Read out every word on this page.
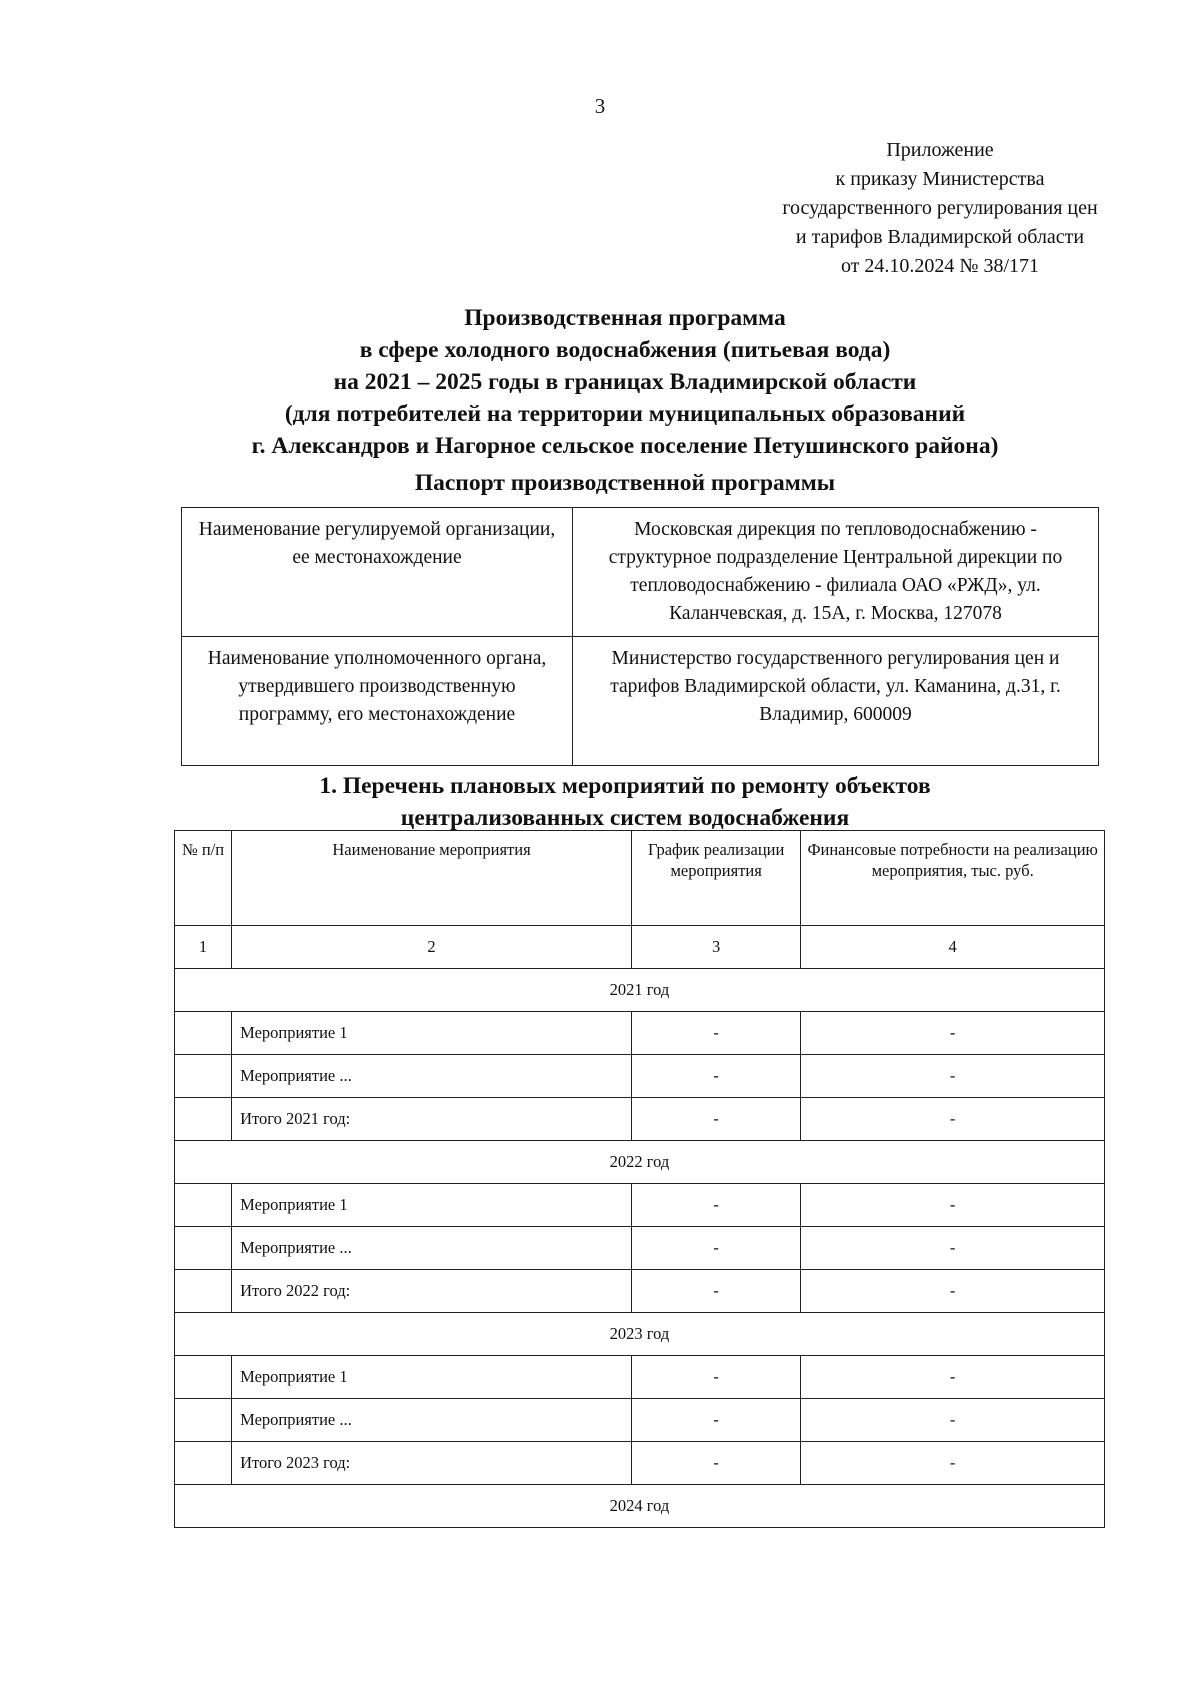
3
Приложение
к приказу Министерства
государственного регулирования цен
и тарифов Владимирской области
от 24.10.2024 № 38/171
Производственная программа
в сфере холодного водоснабжения (питьевая вода)
на 2021 – 2025 годы в границах Владимирской области
(для потребителей на территории муниципальных образований
г. Александров и Нагорное сельское поселение Петушинского района)
Паспорт производственной программы
Наименование регулируемой организации, ее местонахождение	Московская дирекция по тепловодоснабжению - структурное подразделение Центральной дирекции по тепловодоснабжению - филиала ОАО «РЖД», ул. Каланчевская, д. 15А, г. Москва, 127078
Наименование уполномоченного органа, утвердившего производственную программу, его местонахождение	Министерство государственного регулирования цен и тарифов Владимирской области, ул. Каманина, д.31, г. Владимир, 600009
1. Перечень плановых мероприятий по ремонту объектов
централизованных систем водоснабжения
№ п/п	Наименование мероприятия	График реализации мероприятия	Финансовые потребности на реализацию мероприятия, тыс. руб.
1	2	3	4
2021 год			
	Мероприятие 1	-	-
	Мероприятие ...	-	-
	Итого 2021 год:	-	-
2022 год			
	Мероприятие 1	-	-
	Мероприятие ...	-	-
	Итого 2022 год:	-	-
2023 год			
	Мероприятие 1	-	-
	Мероприятие ...	-	-
	Итого 2023 год:	-	-
2024 год			
